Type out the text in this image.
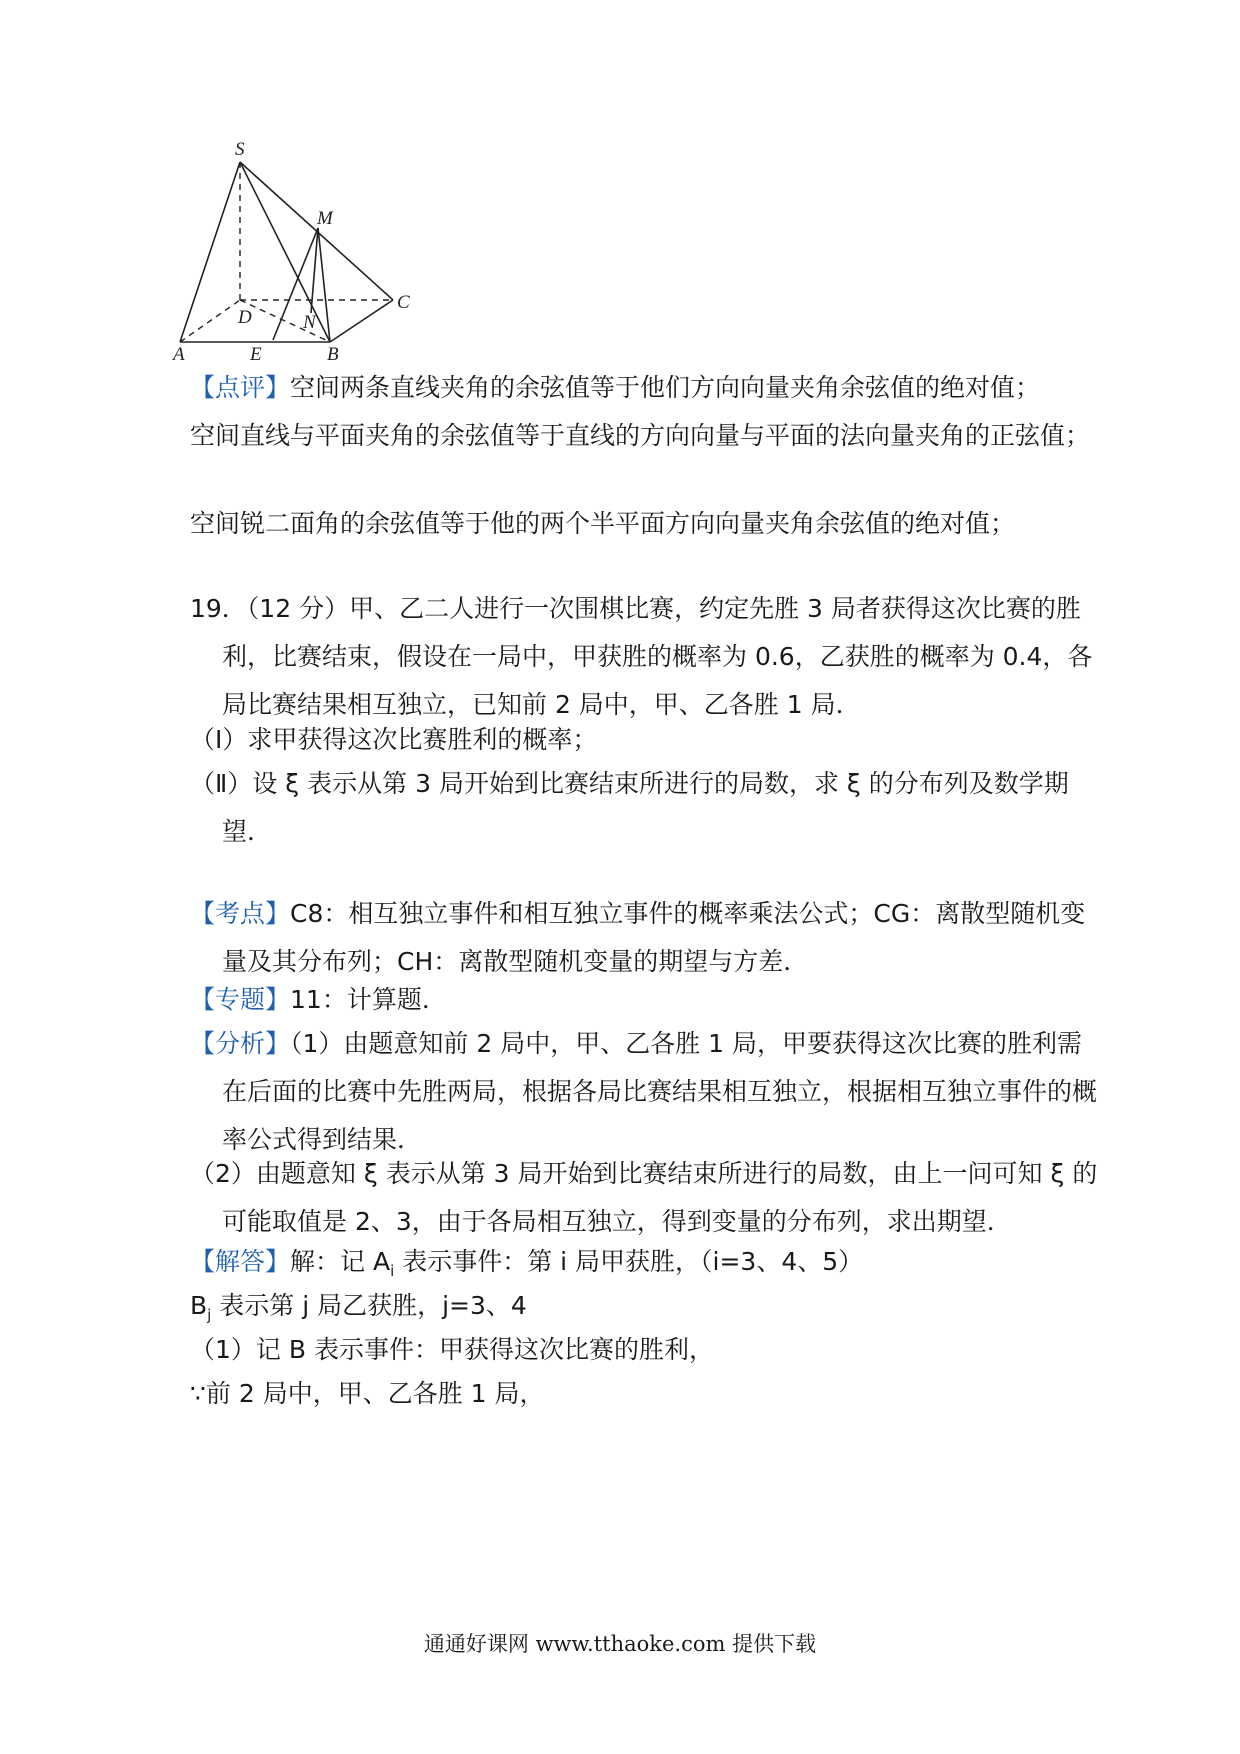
S
M
D	N
C
A	E	B

【点评】空间两条直线夹角的余弦值等于他们方向向量夹角余弦值的绝对值；

空间直线与平面夹角的余弦值等于直线的方向向量与平面的法向量夹角的正弦值；

空间锐二面角的余弦值等于他的两个半平面方向向量夹角余弦值的绝对值；

19．（12 分）甲、乙二人进行一次围棋比赛，约定先胜 3 局者获得这次比赛的胜利，比赛结束，假设在一局中，甲获胜的概率为 0.6，乙获胜的概率为 0.4，各局比赛结果相互独立，已知前 2 局中，甲、乙各胜 1 局．

（Ⅰ）求甲获得这次比赛胜利的概率；

（Ⅱ）设 ξ 表示从第 3 局开始到比赛结束所进行的局数，求 ξ 的分布列及数学期望．

【考点】C8：相互独立事件和相互独立事件的概率乘法公式；CG：离散型随机变量及其分布列；CH：离散型随机变量的期望与方差．

【专题】11：计算题．

【分析】（1）由题意知前 2 局中，甲、乙各胜 1 局，甲要获得这次比赛的胜利需在后面的比赛中先胜两局，根据各局比赛结果相互独立，根据相互独立事件的概率公式得到结果．

（2）由题意知 ξ 表示从第 3 局开始到比赛结束所进行的局数，由上一问可知 ξ 的可能取值是 2、3，由于各局相互独立，得到变量的分布列，求出期望．

【解答】解：记 $A_i$ 表示事件：第 i 局甲获胜，（i=3、4、5）

$B_j$ 表示第 j 局乙获胜，j=3、4

（1）记 B 表示事件：甲获得这次比赛的胜利，

∵前 2 局中，甲、乙各胜 1 局，

通通好课网 www.tthaoke.com 提供下载
